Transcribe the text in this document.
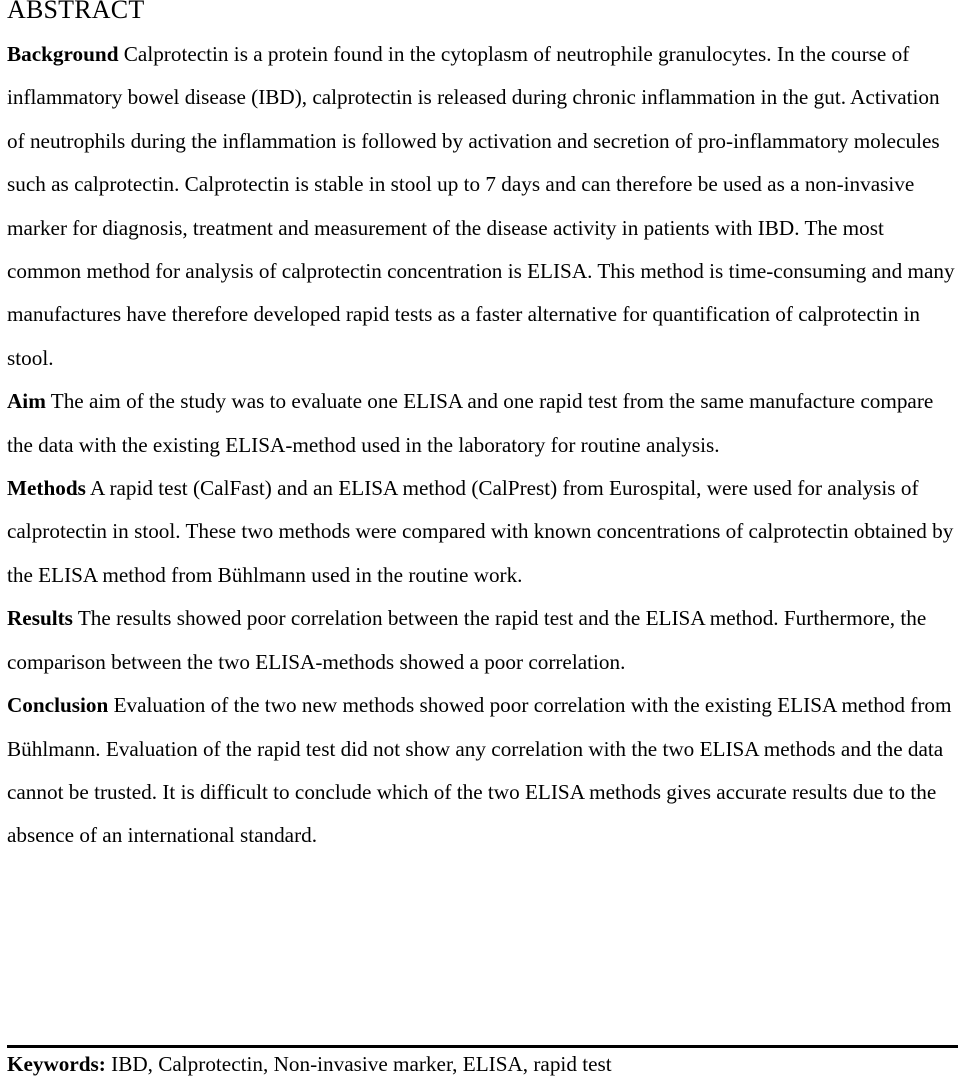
ABSTRACT

Background Calprotectin is a protein found in the cytoplasm of neutrophile granulocytes. In the course of inflammatory bowel disease (IBD), calprotectin is released during chronic inflammation in the gut. Activation of neutrophils during the inflammation is followed by activation and secretion of pro-inflammatory molecules such as calprotectin. Calprotectin is stable in stool up to 7 days and can therefore be used as a non-invasive marker for diagnosis, treatment and measurement of the disease activity in patients with IBD. The most common method for analysis of calprotectin concentration is ELISA. This method is time-consuming and many manufactures have therefore developed rapid tests as a faster alternative for quantification of calprotectin in stool.

Aim The aim of the study was to evaluate one ELISA and one rapid test from the same manufacture compare the data with the existing ELISA-method used in the laboratory for routine analysis.

Methods A rapid test (CalFast) and an ELISA method (CalPrest) from Eurospital, were used for analysis of calprotectin in stool. These two methods were compared with known concentrations of calprotectin obtained by the ELISA method from Bühlmann used in the routine work.

Results The results showed poor correlation between the rapid test and the ELISA method. Furthermore, the comparison between the two ELISA-methods showed a poor correlation.

Conclusion Evaluation of the two new methods showed poor correlation with the existing ELISA method from Bühlmann. Evaluation of the rapid test did not show any correlation with the two ELISA methods and the data cannot be trusted. It is difficult to conclude which of the two ELISA methods gives accurate results due to the absence of an international standard.

Keywords: IBD, Calprotectin, Non-invasive marker, ELISA, rapid test
